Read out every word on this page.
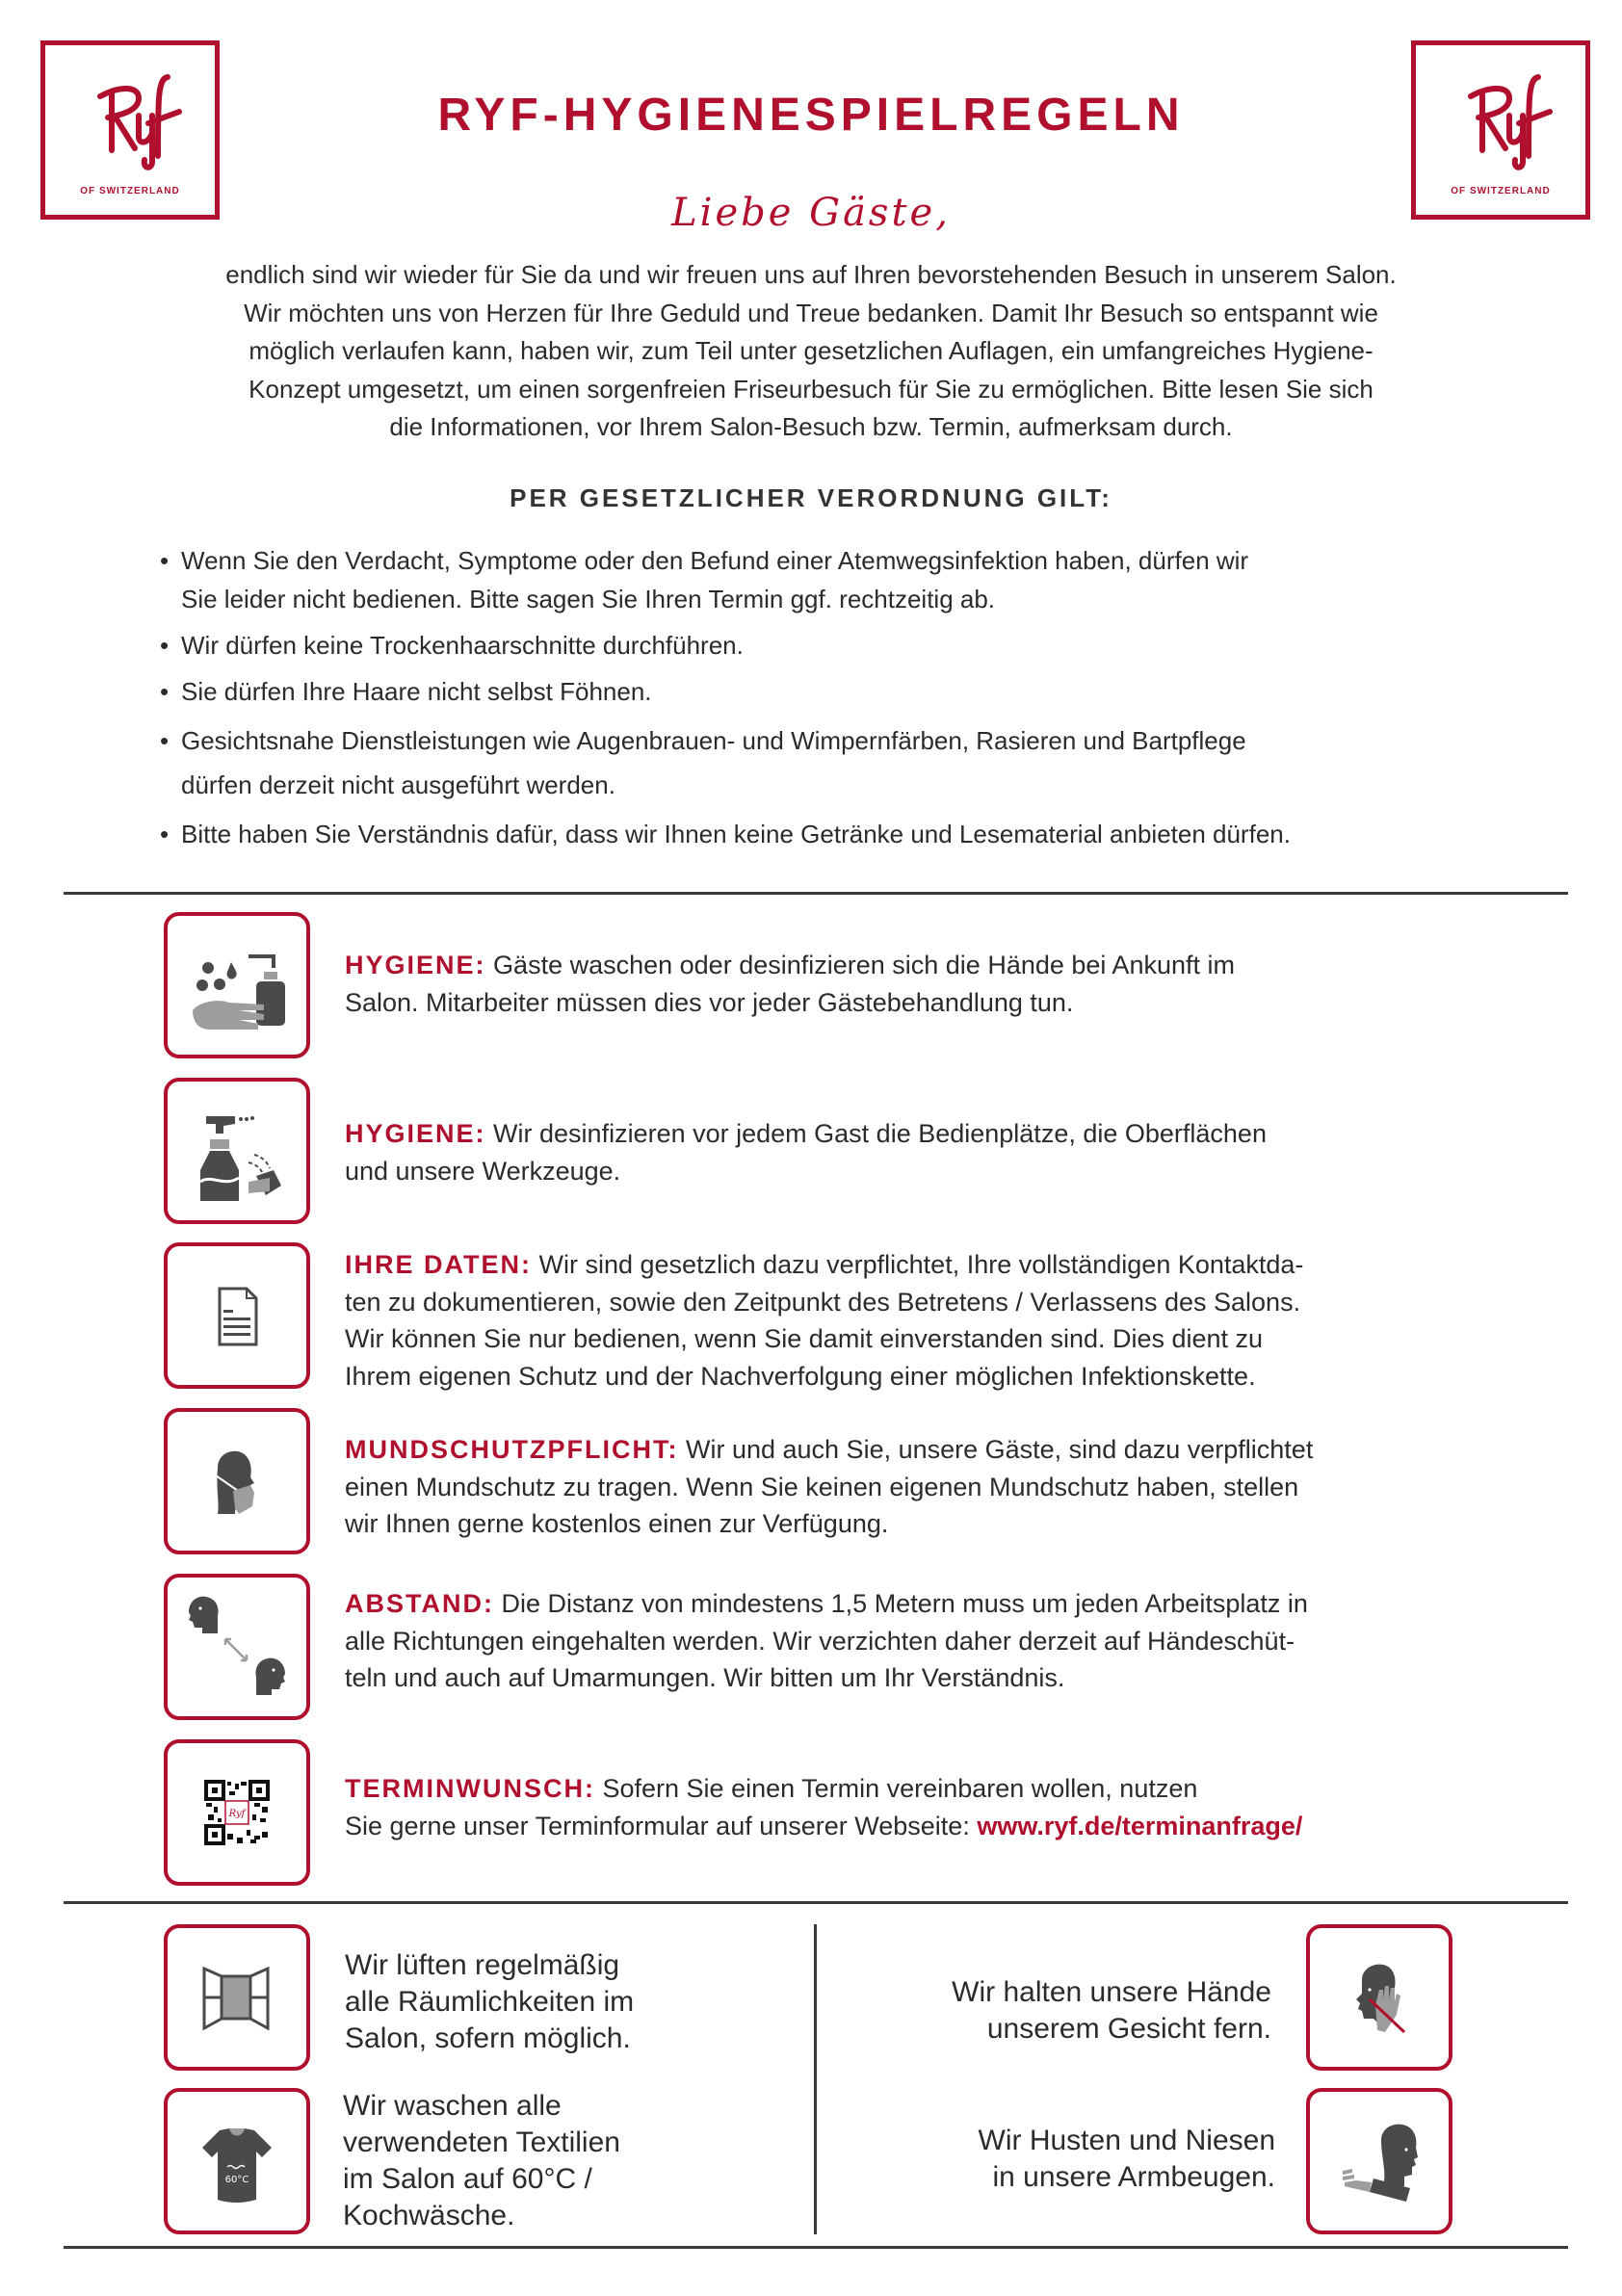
OF SWITZERLAND	OF SWITZERLAND
RYF-HYGIENESPIELREGELN
Liebe Gäste,
endlich sind wir wieder für Sie da und wir freuen uns auf Ihren bevorstehenden Besuch in unserem Salon.
Wir möchten uns von Herzen für Ihre Geduld und Treue bedanken. Damit Ihr Besuch so entspannt wie
möglich verlaufen kann, haben wir, zum Teil unter gesetzlichen Auflagen, ein umfangreiches Hygiene-
Konzept umgesetzt, um einen sorgenfreien Friseurbesuch für Sie zu ermöglichen. Bitte lesen Sie sich
die Informationen, vor Ihrem Salon-Besuch bzw. Termin, aufmerksam durch.
PER GESETZLICHER VERORDNUNG GILT:
• Wenn Sie den Verdacht, Symptome oder den Befund einer Atemwegsinfektion haben, dürfen wir
Sie leider nicht bedienen. Bitte sagen Sie Ihren Termin ggf. rechtzeitig ab.
• Wir dürfen keine Trockenhaarschnitte durchführen.
• Sie dürfen Ihre Haare nicht selbst Föhnen.
• Gesichtsnahe Dienstleistungen wie Augenbrauen- und Wimpernfärben, Rasieren und Bartpflege
dürfen derzeit nicht ausgeführt werden.
• Bitte haben Sie Verständnis dafür, dass wir Ihnen keine Getränke und Lesematerial anbieten dürfen.
HYGIENE: Gäste waschen oder desinfizieren sich die Hände bei Ankunft im
Salon. Mitarbeiter müssen dies vor jeder Gästebehandlung tun.
HYGIENE: Wir desinfizieren vor jedem Gast die Bedienplätze, die Oberflächen
und unsere Werkzeuge.
IHRE DATEN: Wir sind gesetzlich dazu verpflichtet, Ihre vollständigen Kontaktda-
ten zu dokumentieren, sowie den Zeitpunkt des Betretens / Verlassens des Salons.
Wir können Sie nur bedienen, wenn Sie damit einverstanden sind. Dies dient zu
Ihrem eigenen Schutz und der Nachverfolgung einer möglichen Infektionskette.
MUNDSCHUTZPFLICHT: Wir und auch Sie, unsere Gäste, sind dazu verpflichtet
einen Mundschutz zu tragen. Wenn Sie keinen eigenen Mundschutz haben, stellen
wir Ihnen gerne kostenlos einen zur Verfügung.
ABSTAND: Die Distanz von mindestens 1,5 Metern muss um jeden Arbeitsplatz in
alle Richtungen eingehalten werden. Wir verzichten daher derzeit auf Händeschüt-
teln und auch auf Umarmungen. Wir bitten um Ihr Verständnis.
Ryf
TERMINWUNSCH: Sofern Sie einen Termin vereinbaren wollen, nutzen
Sie gerne unser Terminformular auf unserer Webseite: www.ryf.de/terminanfrage/
Wir lüften regelmäßig
alle Räumlichkeiten im
Salon, sofern möglich.
60°C
Wir waschen alle
verwendeten Textilien
im Salon auf 60°C /
Kochwäsche.
Wir halten unsere Hände
unserem Gesicht fern.
Wir Husten und Niesen
in unsere Armbeugen.
